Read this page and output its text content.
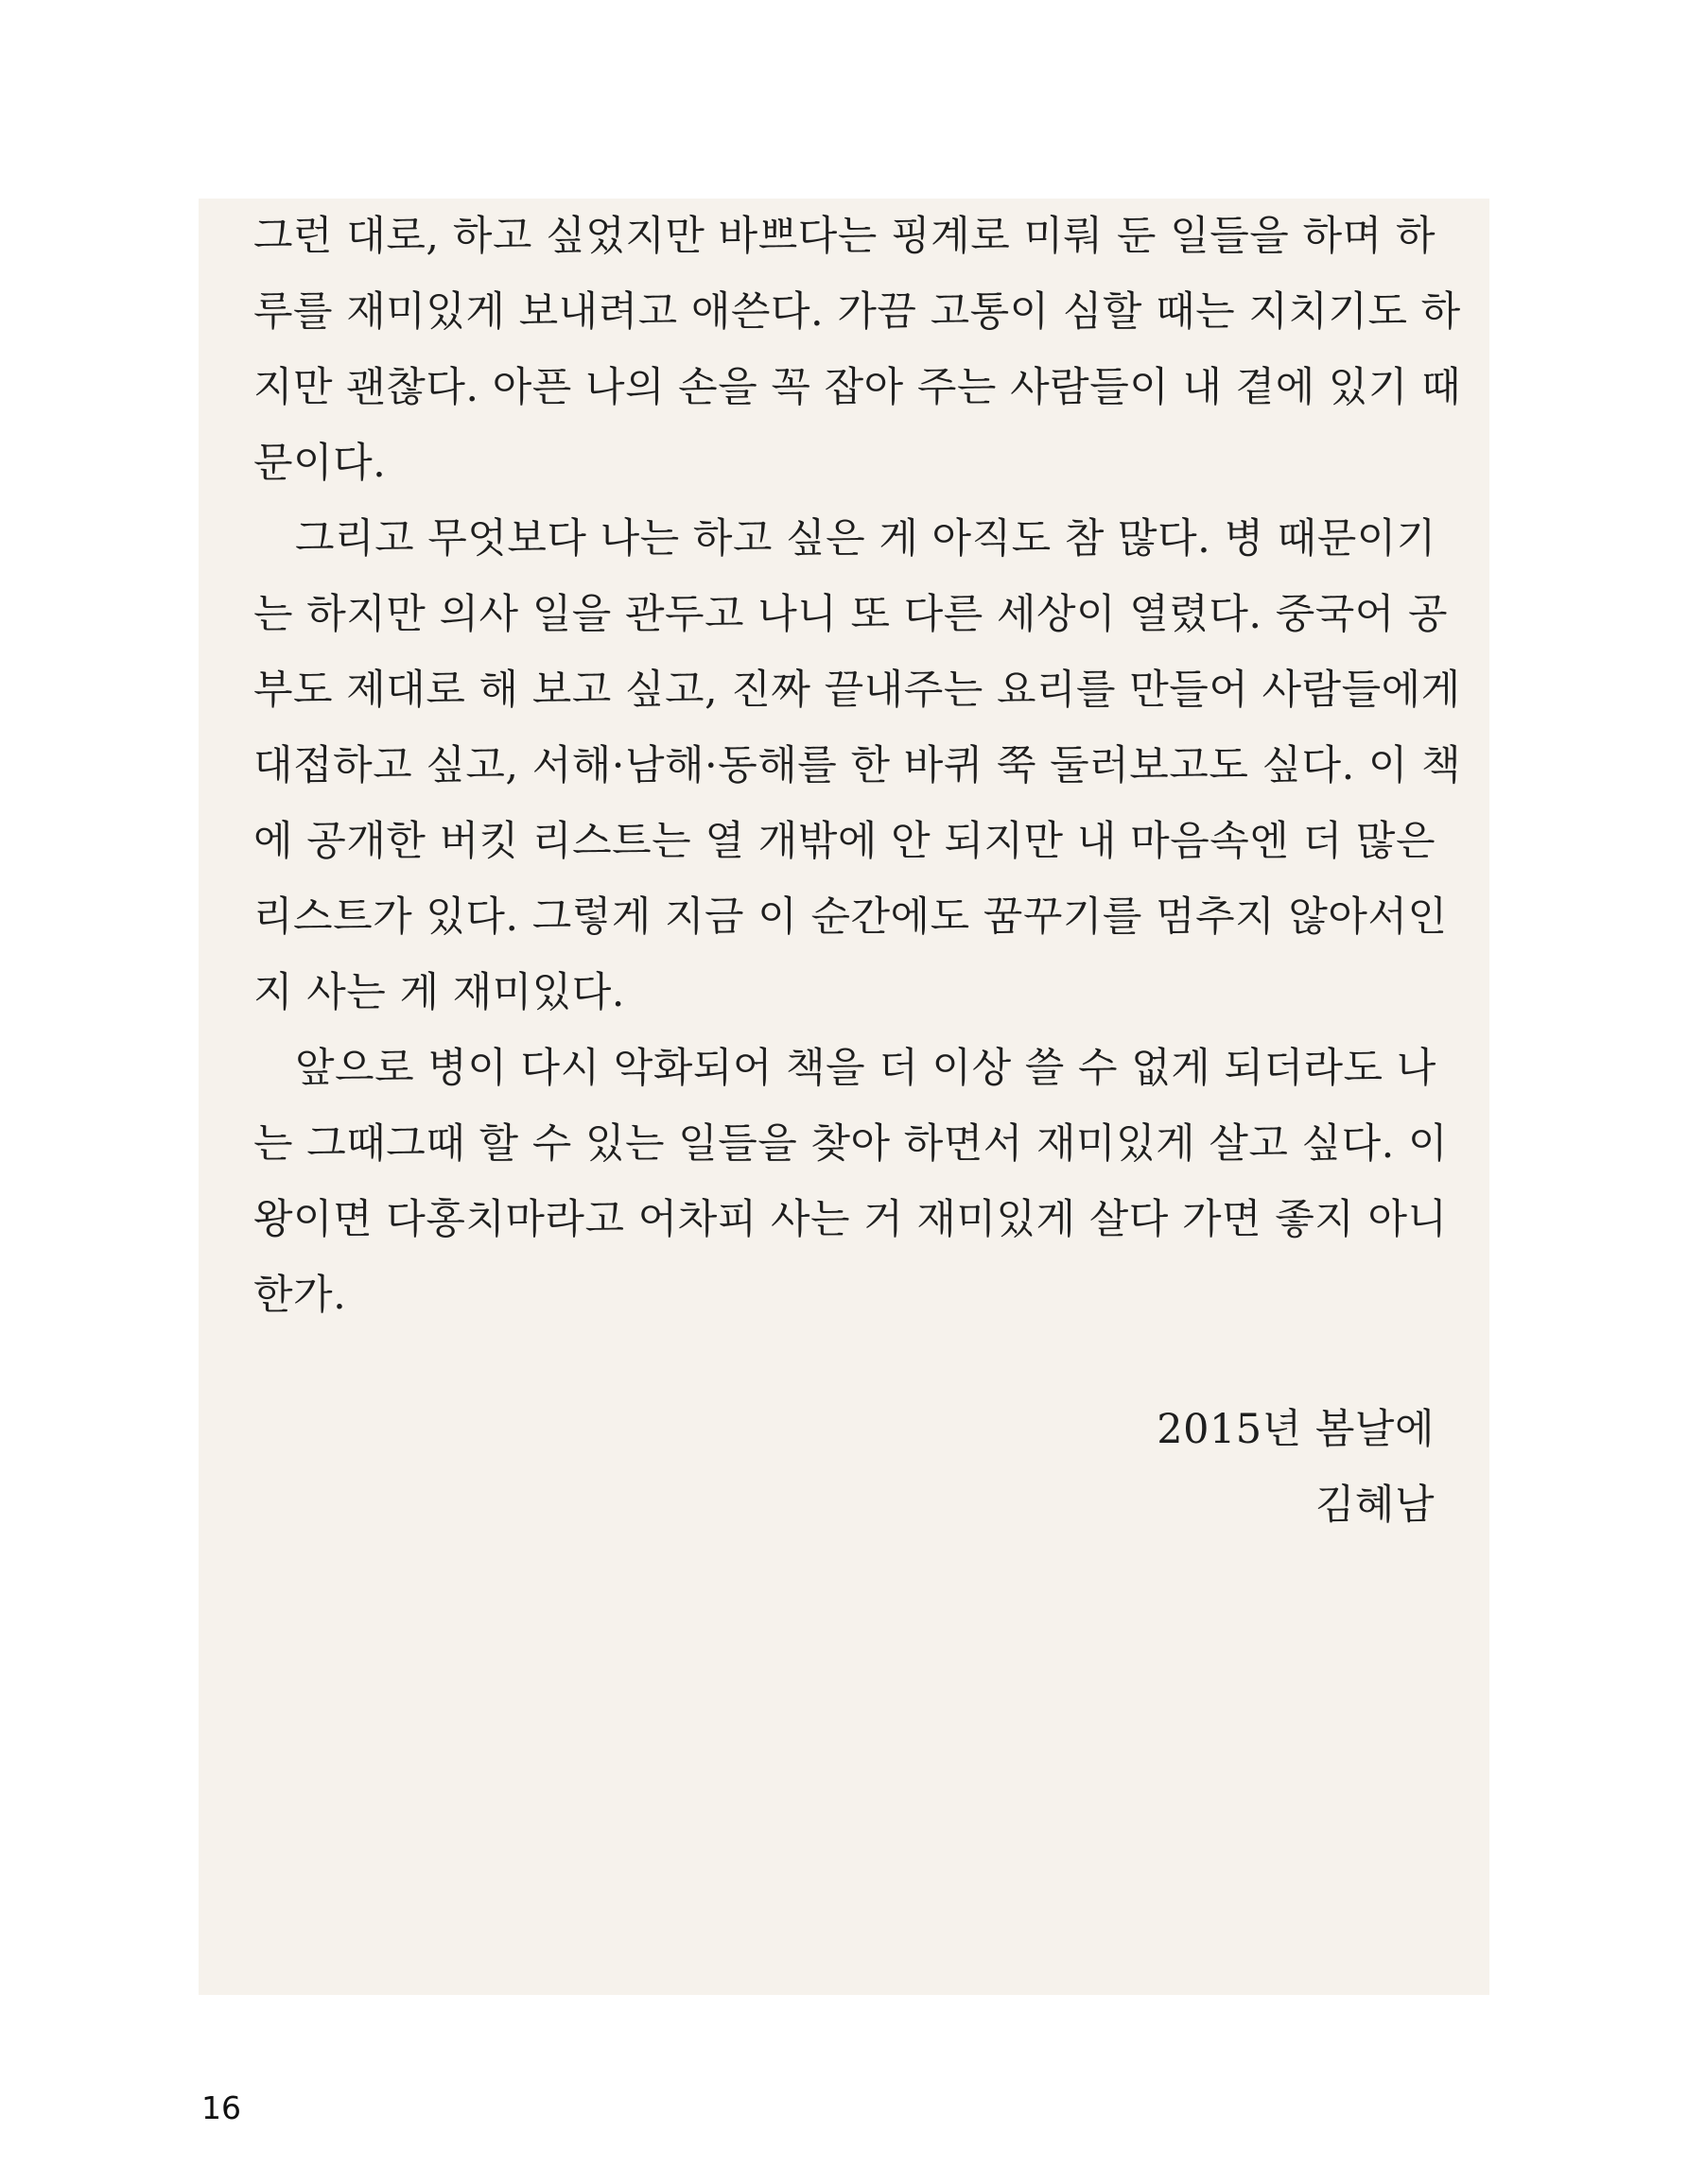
그런 대로, 하고 싶었지만 바쁘다는 핑계로 미뤄 둔 일들을 하며 하
루를 재미있게 보내려고 애쓴다. 가끔 고통이 심할 때는 지치기도 하
지만 괜찮다. 아픈 나의 손을 꼭 잡아 주는 사람들이 내 곁에 있기 때
문이다.
그리고 무엇보다 나는 하고 싶은 게 아직도 참 많다. 병 때문이기
는 하지만 의사 일을 관두고 나니 또 다른 세상이 열렸다. 중국어 공
부도 제대로 해 보고 싶고, 진짜 끝내주는 요리를 만들어 사람들에게
대접하고 싶고, 서해·남해·동해를 한 바퀴 쭉 둘러보고도 싶다. 이 책
에 공개한 버킷 리스트는 열 개밖에 안 되지만 내 마음속엔 더 많은
리스트가 있다. 그렇게 지금 이 순간에도 꿈꾸기를 멈추지 않아서인
지 사는 게 재미있다.
앞으로 병이 다시 악화되어 책을 더 이상 쓸 수 없게 되더라도 나
는 그때그때 할 수 있는 일들을 찾아 하면서 재미있게 살고 싶다. 이
왕이면 다홍치마라고 어차피 사는 거 재미있게 살다 가면 좋지 아니
한가.
2015년 봄날에
김혜남
16
